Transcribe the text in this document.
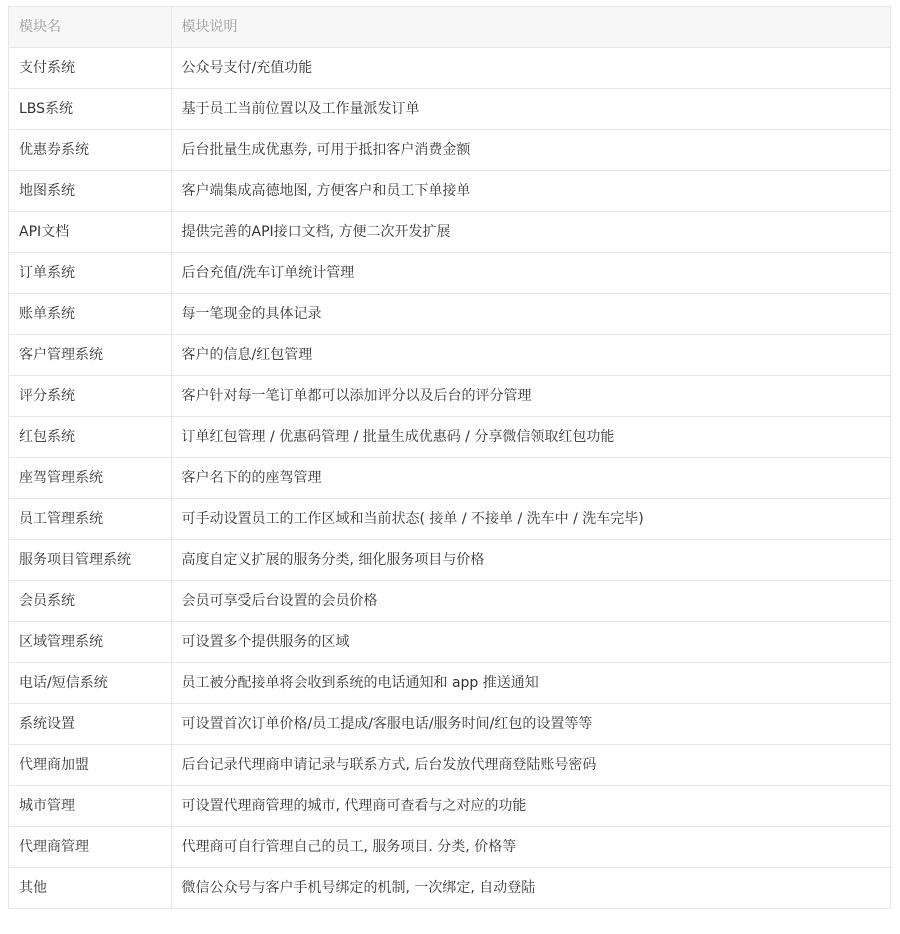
模块名	模块说明
支付系统	公众号支付/充值功能
LBS系统	基于员工当前位置以及工作量派发订单
优惠券系统	后台批量生成优惠券, 可用于抵扣客户消费金额
地图系统	客户端集成高德地图, 方便客户和员工下单接单
API文档	提供完善的API接口文档, 方便二次开发扩展
订单系统	后台充值/洗车订单统计管理
账单系统	每一笔现金的具体记录
客户管理系统	客户的信息/红包管理
评分系统	客户针对每一笔订单都可以添加评分以及后台的评分管理
红包系统	订单红包管理 / 优惠码管理 / 批量生成优惠码 / 分享微信领取红包功能
座驾管理系统	客户名下的的座驾管理
员工管理系统	可手动设置员工的工作区域和当前状态( 接单 / 不接单 / 洗车中 / 洗车完毕)
服务项目管理系统	高度自定义扩展的服务分类, 细化服务项目与价格
会员系统	会员可享受后台设置的会员价格
区域管理系统	可设置多个提供服务的区域
电话/短信系统	员工被分配接单将会收到系统的电话通知和 app 推送通知
系统设置	可设置首次订单价格/员工提成/客服电话/服务时间/红包的设置等等
代理商加盟	后台记录代理商申请记录与联系方式, 后台发放代理商登陆账号密码
城市管理	可设置代理商管理的城市, 代理商可查看与之对应的功能
代理商管理	代理商可自行管理自己的员工, 服务项目. 分类, 价格等
其他	微信公众号与客户手机号绑定的机制, 一次绑定, 自动登陆
